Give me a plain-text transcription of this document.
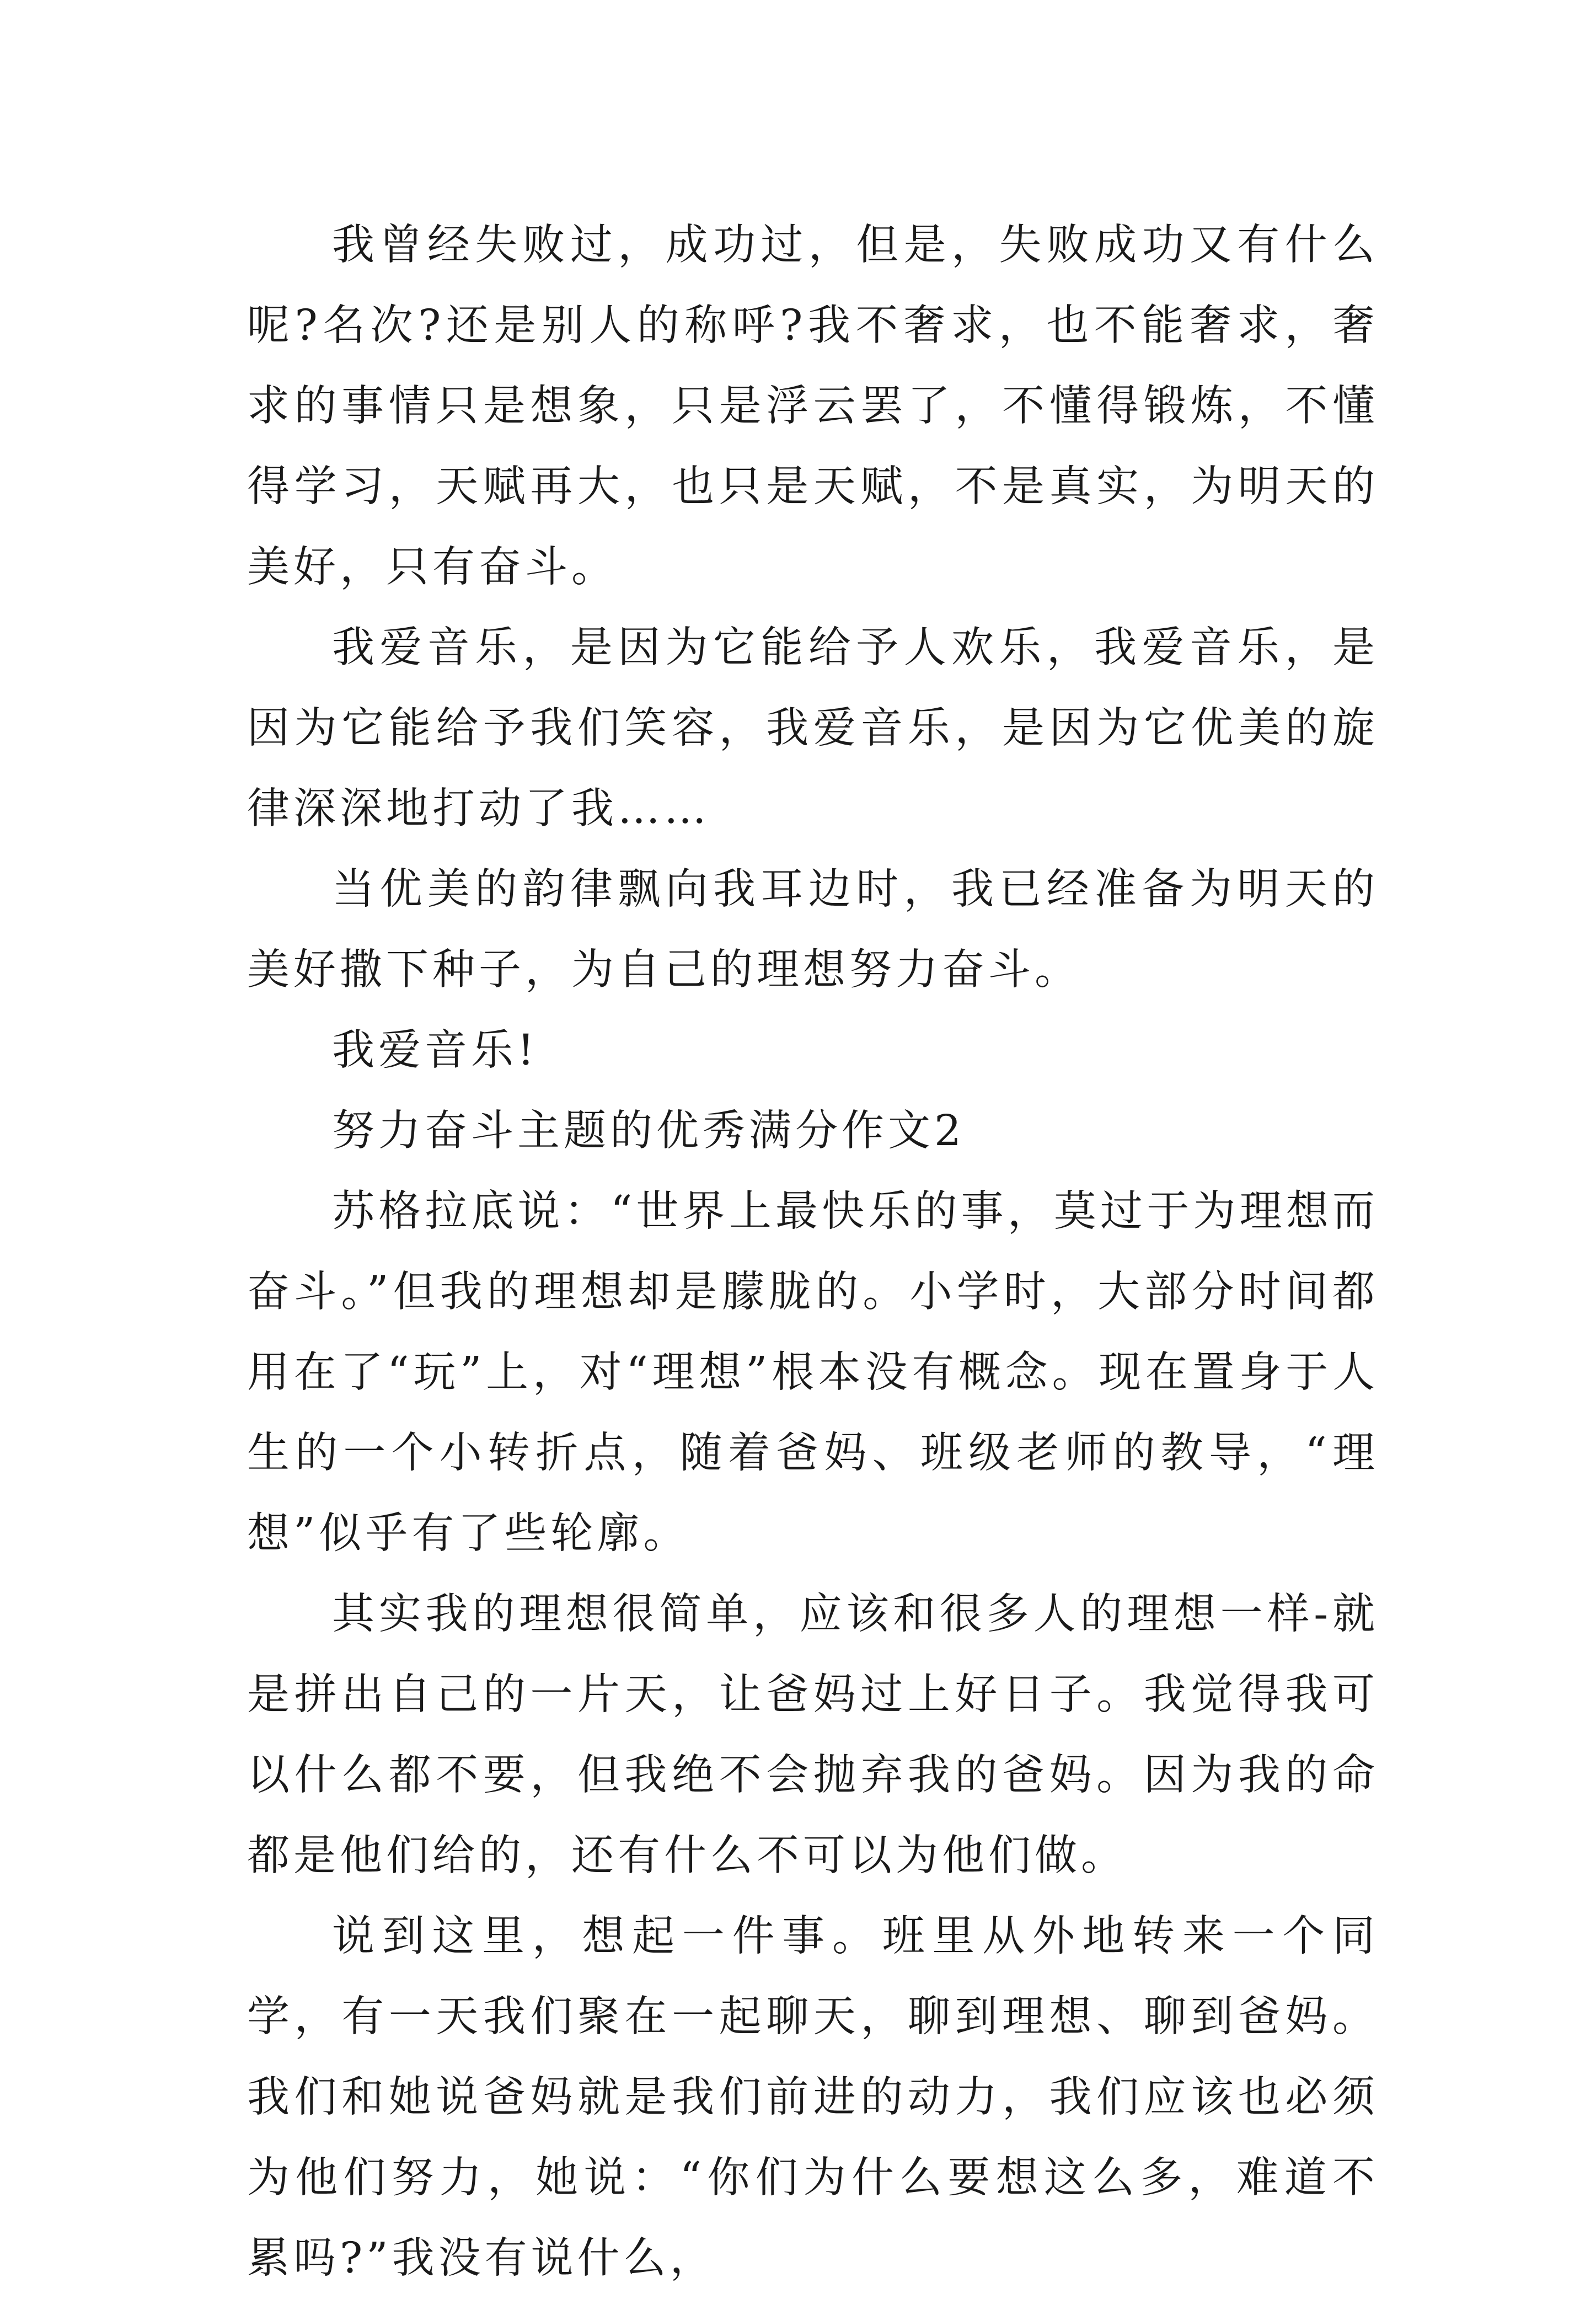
我曾经失败过，成功过，但是，失败成功又有什么呢?名次?还是别人的称呼?我不奢求，也不能奢求，奢求的事情只是想象，只是浮云罢了，不懂得锻炼，不懂得学习，天赋再大，也只是天赋，不是真实，为明天的美好，只有奋斗。

我爱音乐，是因为它能给予人欢乐，我爱音乐，是因为它能给予我们笑容，我爱音乐，是因为它优美的旋律深深地打动了我……

当优美的韵律飘向我耳边时，我已经准备为明天的美好撒下种子，为自己的理想努力奋斗。

我爱音乐!

努力奋斗主题的优秀满分作文2

苏格拉底说：“世界上最快乐的事，莫过于为理想而奋斗。”但我的理想却是朦胧的。小学时，大部分时间都用在了“玩”上，对“理想”根本没有概念。现在置身于人生的一个小转折点，随着爸妈、班级老师的教导，“理想”似乎有了些轮廓。

其实我的理想很简单，应该和很多人的理想一样-就是拼出自己的一片天，让爸妈过上好日子。我觉得我可以什么都不要，但我绝不会抛弃我的爸妈。因为我的命都是他们给的，还有什么不可以为他们做。

说到这里，想起一件事。班里从外地转来一个同学，有一天我们聚在一起聊天，聊到理想、聊到爸妈。我们和她说爸妈就是我们前进的动力，我们应该也必须为他们努力，她说：“你们为什么要想这么多，难道不累吗?”我没有说什么，
